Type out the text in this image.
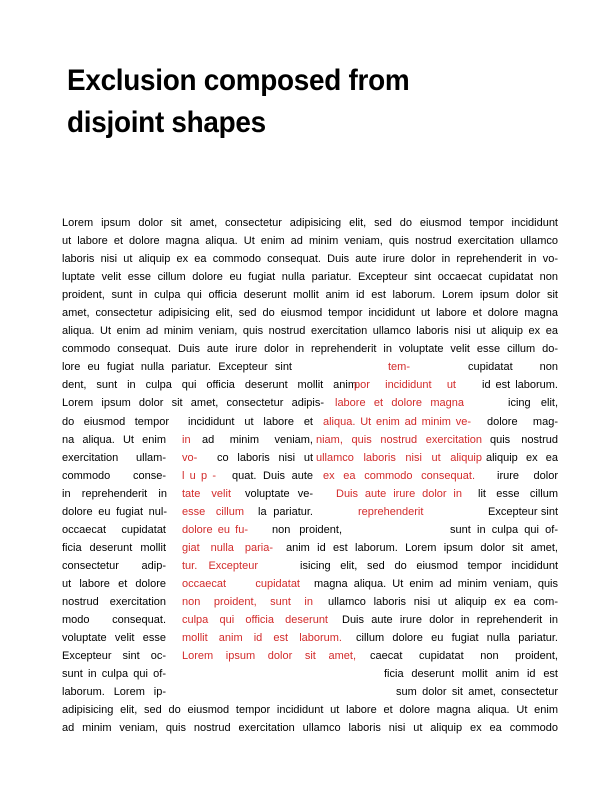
Exclusion composed from
disjoint shapes
Lorem ipsum dolor sit amet, consectetur adipisicing elit, sed do eiusmod tempor incididunt
ut labore et dolore magna aliqua. Ut enim ad minim veniam, quis nostrud exercitation ullamco
laboris nisi ut aliquip ex ea commodo consequat. Duis aute irure dolor in reprehenderit in vo-
luptate velit esse cillum dolore eu fugiat nulla pariatur. Excepteur sint occaecat cupidatat non
proident, sunt in culpa qui officia deserunt mollit anim id est laborum. Lorem ipsum dolor sit
amet, consectetur adipisicing elit, sed do eiusmod tempor incididunt ut labore et dolore magna
aliqua. Ut enim ad minim veniam, quis nostrud exercitation ullamco laboris nisi ut aliquip ex ea
commodo consequat. Duis aute irure dolor in reprehenderit in voluptate velit esse cillum do-
lore eu fugiat nulla pariatur. Excepteur sint	tem-	cupidatat non
dent, sunt in culpa qui officia deserunt mollit anim
por incididunt ut id est laborum.
Lorem ipsum dolor sit amet, consectetur adipis- labore et dolore magna	icing elit,
do eiusmod tempor incididunt ut labore et aliqua. Ut enim ad minim ve- dolore mag-
na aliqua. Ut enim in ad minim veniam, niam, quis nostrud exercitation quis nostrud
exercitation ullam- vo-	co laboris nisi ut ullamco laboris nisi ut aliquip aliquip ex ea
commodo conse- l u p - quat. Duis aute ex ea commodo consequat. irure dolor
in reprehenderit in tate velit voluptate ve- Duis aute irure dolor in lit esse cillum
dolore eu fugiat nul- esse cillum la pariatur.	reprehenderit	Excepteur sint
occaecat cupidatat dolore eu fu- non proident,	sunt in culpa qui of-
ficia deserunt mollit giat nulla paria- anim id est laborum. Lorem ipsum dolor sit amet,
consectetur adip- tur. Excepteur	isicing elit, sed do eiusmod tempor incididunt
ut labore et dolore occaecat cupidatat magna aliqua. Ut enim ad minim veniam, quis
nostrud exercitation non proident, sunt in ullamco laboris nisi ut aliquip ex ea com-
modo consequat. culpa qui officia deserunt Duis aute irure dolor in reprehenderit in
voluptate velit esse mollit anim id est laborum. cillum dolore eu fugiat nulla pariatur.
Excepteur sint oc- Lorem ipsum dolor sit amet, caecat cupidatat non proident,
sunt in culpa qui of-	ficia deserunt mollit anim id est
laborum. Lorem ip-	sum dolor sit amet, consectetur
adipisicing elit, sed do eiusmod tempor incididunt ut labore et dolore magna aliqua. Ut enim
ad minim veniam, quis nostrud exercitation ullamco laboris nisi ut aliquip ex ea commodo
